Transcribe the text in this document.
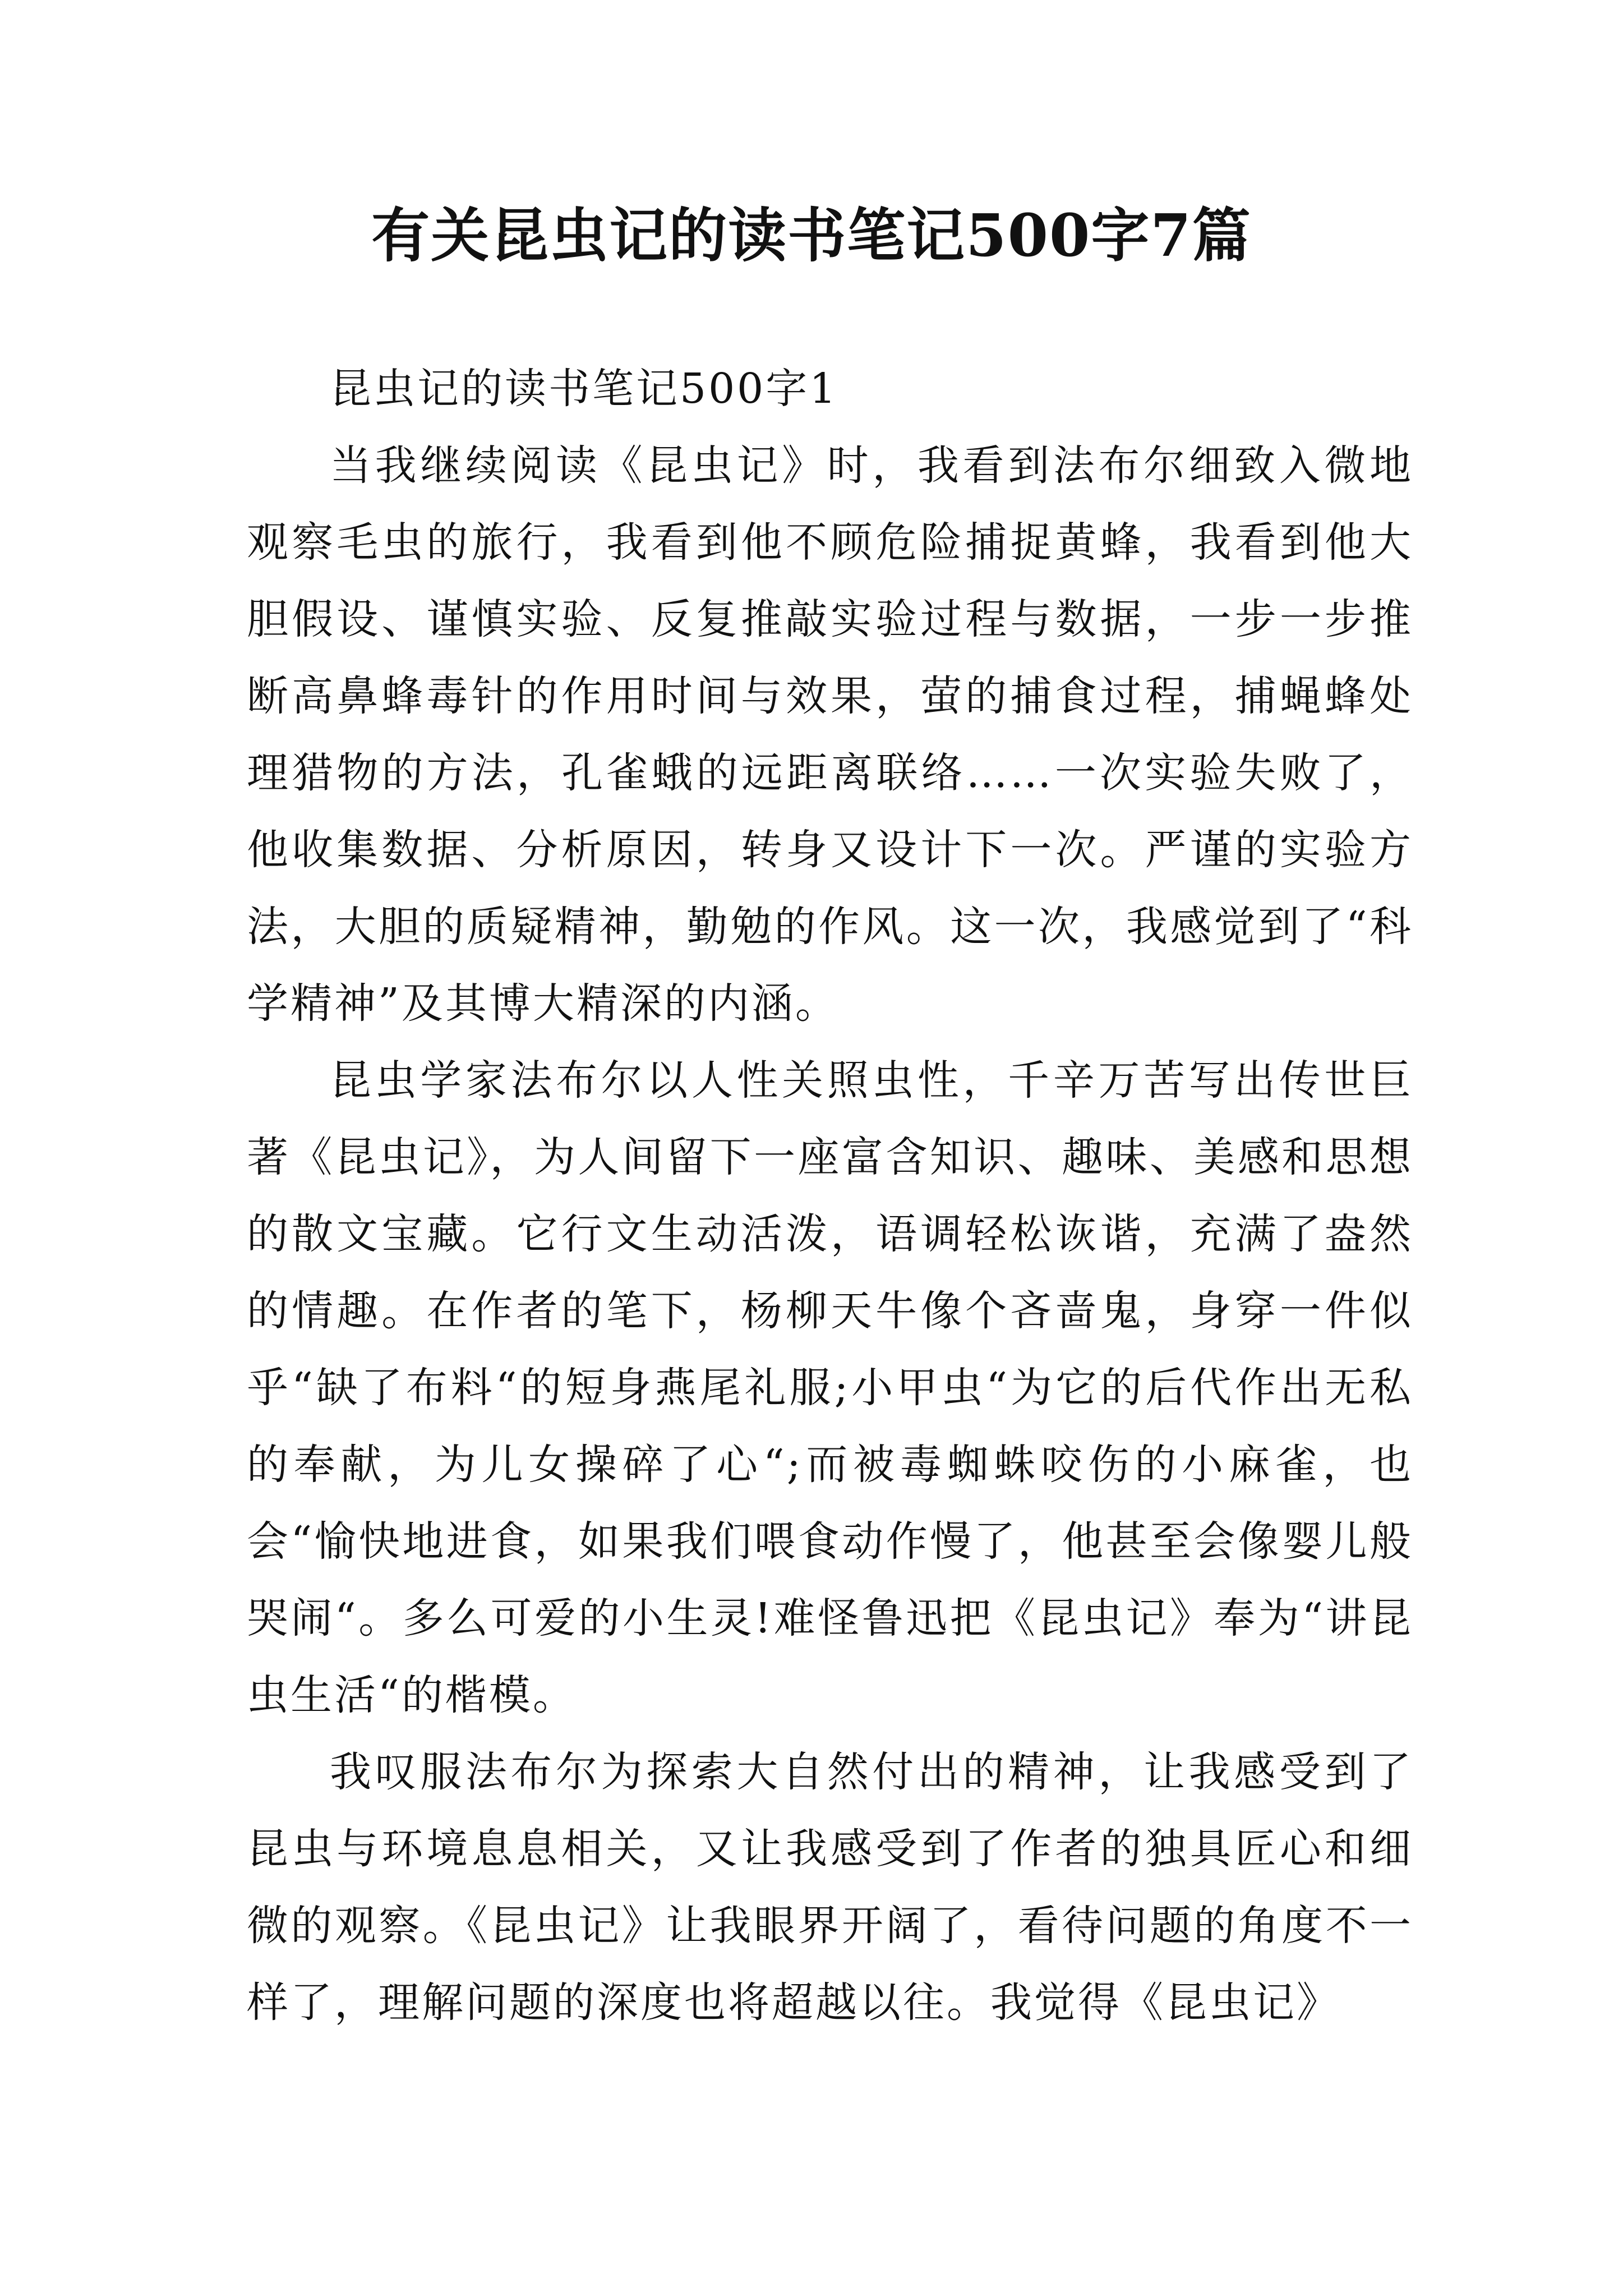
有关昆虫记的读书笔记500字7篇

昆虫记的读书笔记500字1

当我继续阅读《昆虫记》时，我看到法布尔细致入微地观察毛虫的旅行，我看到他不顾危险捕捉黄蜂，我看到他大胆假设、谨慎实验、反复推敲实验过程与数据，一步一步推断高鼻蜂毒针的作用时间与效果，萤的捕食过程，捕蝇蜂处理猎物的方法，孔雀蛾的远距离联络……一次实验失败了，他收集数据、分析原因，转身又设计下一次。严谨的实验方法，大胆的质疑精神，勤勉的作风。这一次，我感觉到了“科学精神”及其博大精深的内涵。

昆虫学家法布尔以人性关照虫性，千辛万苦写出传世巨著《昆虫记》，为人间留下一座富含知识、趣味、美感和思想的散文宝藏。它行文生动活泼，语调轻松诙谐，充满了盎然的情趣。在作者的笔下，杨柳天牛像个吝啬鬼，身穿一件似乎“缺了布料“的短身燕尾礼服;小甲虫“为它的后代作出无私的奉献，为儿女操碎了心“;而被毒蜘蛛咬伤的小麻雀，也会“愉快地进食，如果我们喂食动作慢了，他甚至会像婴儿般哭闹“。多么可爱的小生灵!难怪鲁迅把《昆虫记》奉为“讲昆虫生活“的楷模。

我叹服法布尔为探索大自然付出的精神，让我感受到了昆虫与环境息息相关，又让我感受到了作者的独具匠心和细微的观察。《昆虫记》让我眼界开阔了，看待问题的角度不一样了，理解问题的深度也将超越以往。我觉得《昆虫记》
